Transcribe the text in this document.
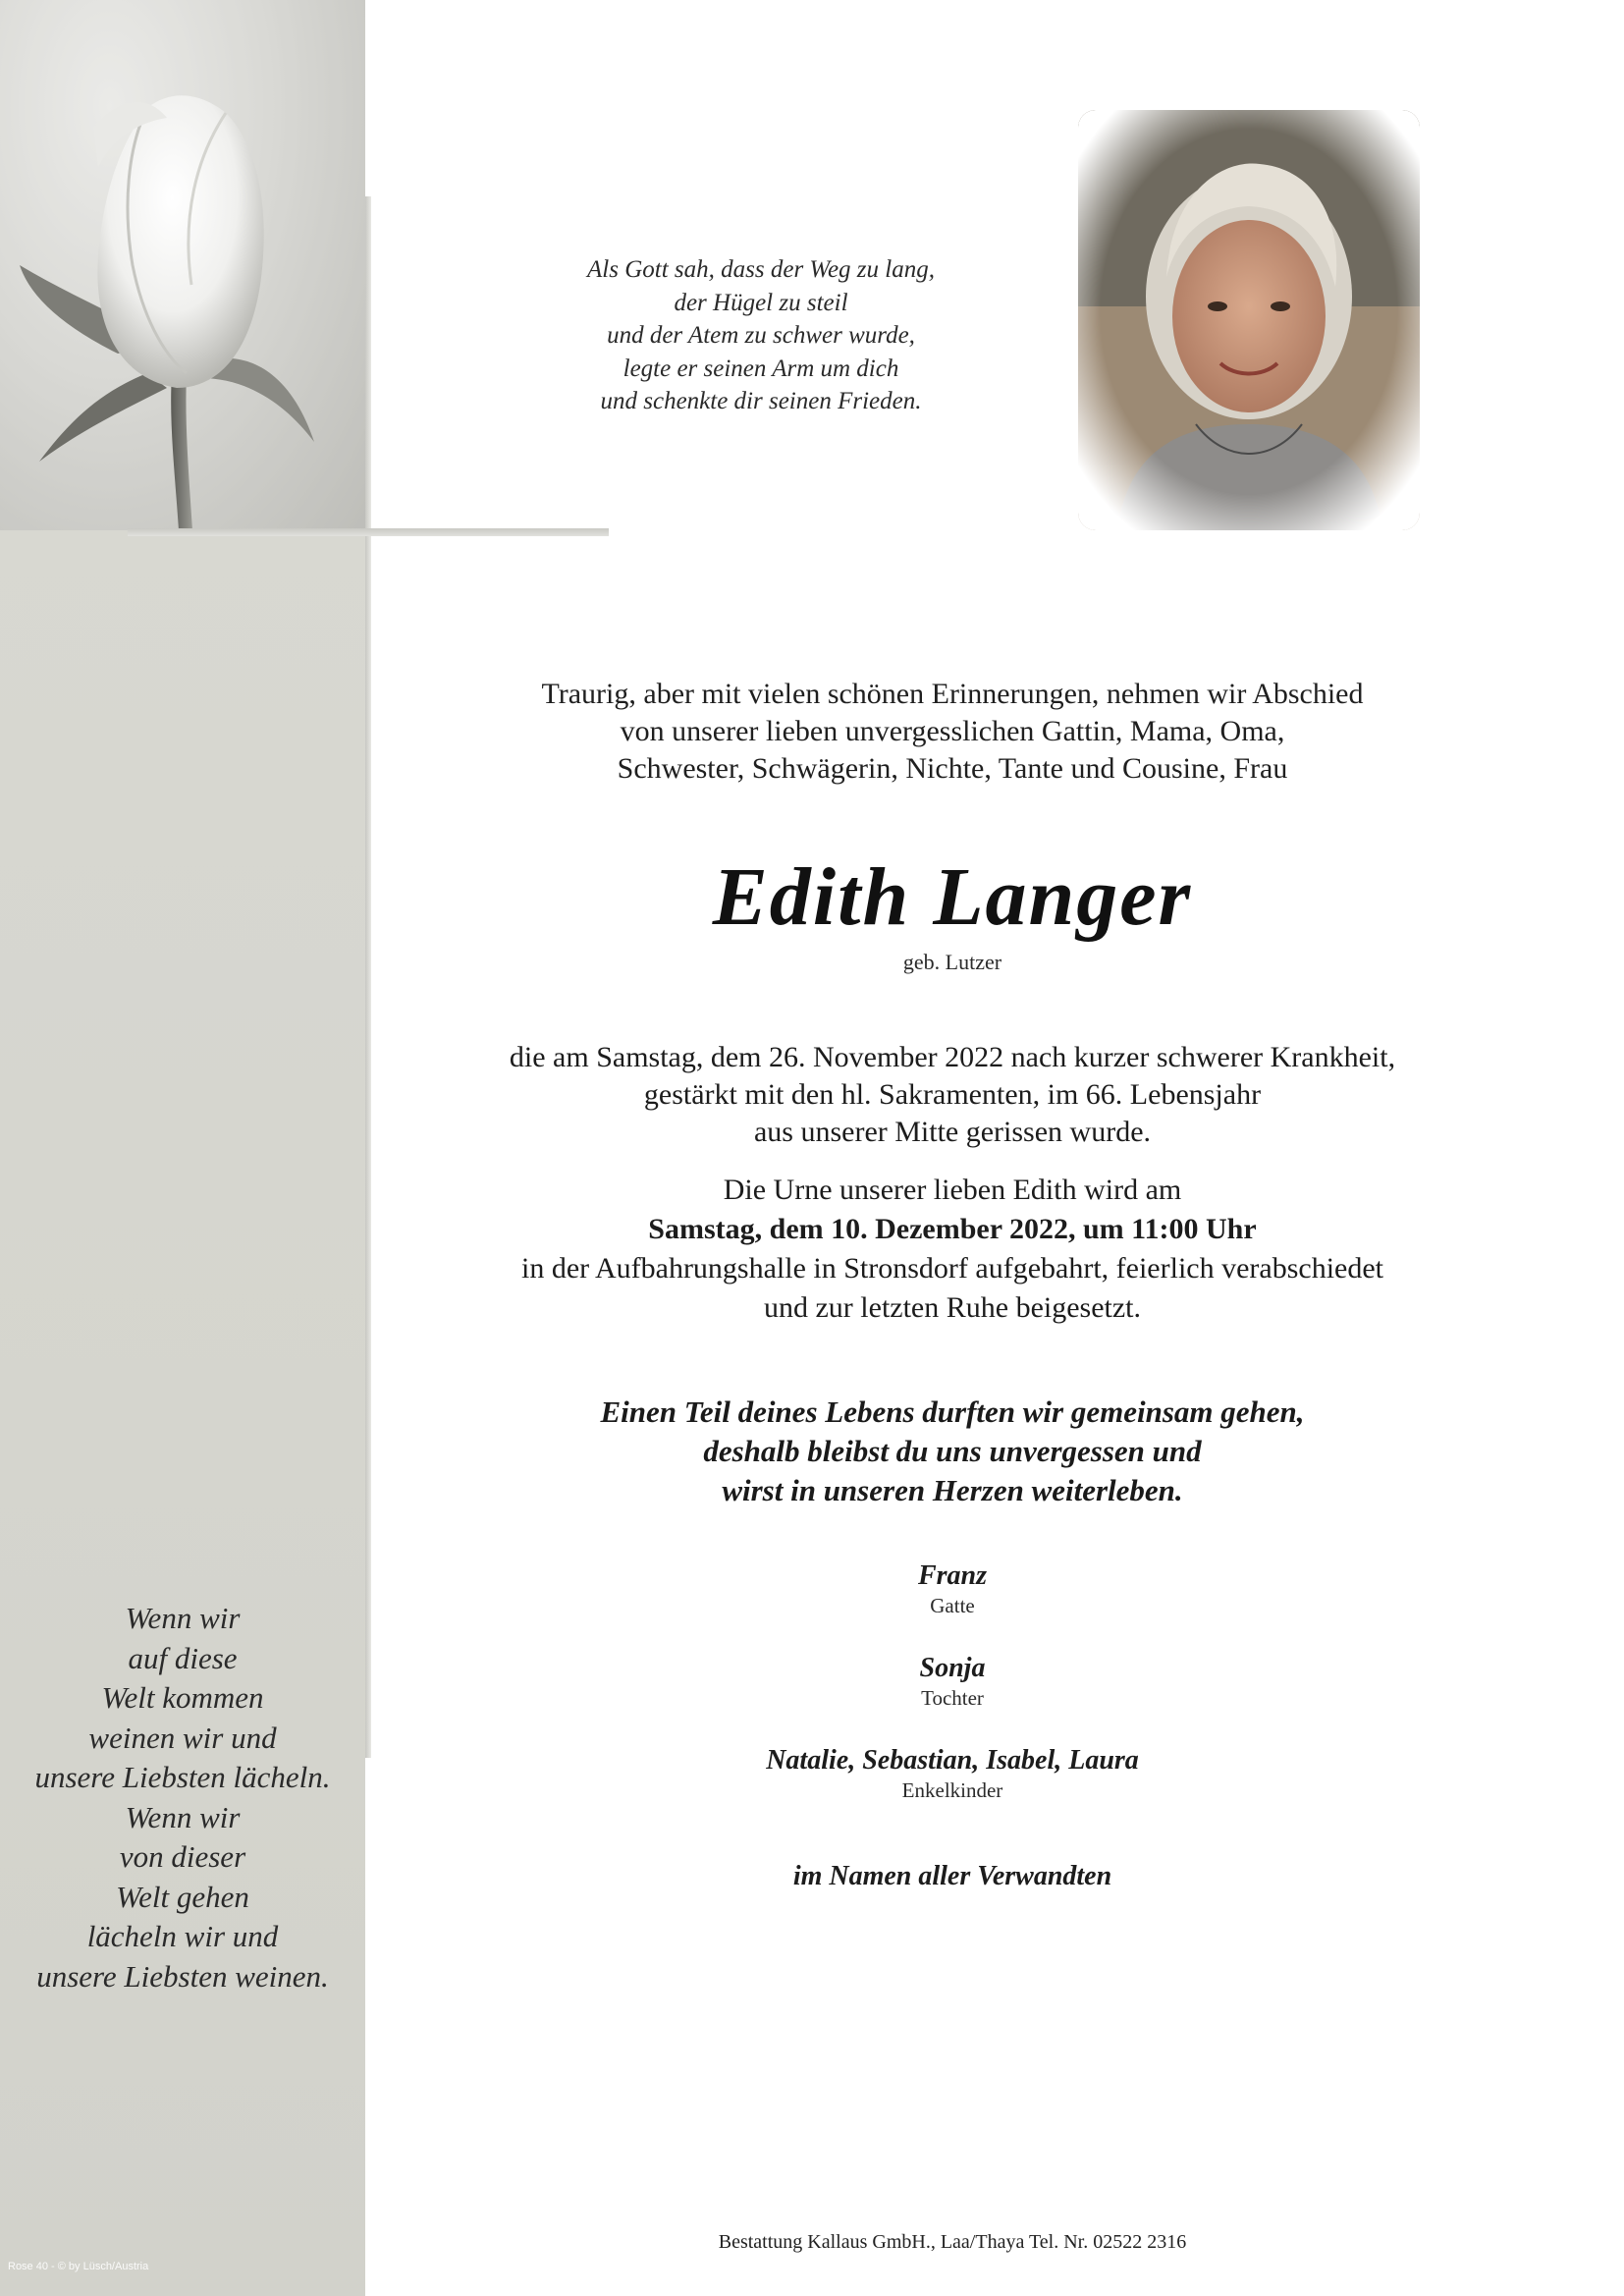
Als Gott sah, dass der Weg zu lang,
der Hügel zu steil
und der Atem zu schwer wurde,
legte er seinen Arm um dich
und schenkte dir seinen Frieden.
Traurig, aber mit vielen schönen Erinnerungen, nehmen wir Abschied
von unserer lieben unvergesslichen Gattin, Mama, Oma,
Schwester, Schwägerin, Nichte, Tante und Cousine, Frau
Edith Langer
geb. Lutzer
die am Samstag, dem 26. November 2022 nach kurzer schwerer Krankheit,
gestärkt mit den hl. Sakramenten, im 66. Lebensjahr
aus unserer Mitte gerissen wurde.
Die Urne unserer lieben Edith wird am
Samstag, dem 10. Dezember 2022, um 11:00 Uhr
in der Aufbahrungshalle in Stronsdorf aufgebahrt, feierlich verabschiedet
und zur letzten Ruhe beigesetzt.
Einen Teil deines Lebens durften wir gemeinsam gehen,
deshalb bleibst du uns unvergessen und
wirst in unseren Herzen weiterleben.
Franz
Gatte
Sonja
Tochter
Natalie, Sebastian, Isabel, Laura
Enkelkinder
im Namen aller Verwandten
Wenn wir
auf diese
Welt kommen
weinen wir und
unsere Liebsten lächeln.
Wenn wir
von dieser
Welt gehen
lächeln wir und
unsere Liebsten weinen.
Bestattung Kallaus GmbH., Laa/Thaya Tel. Nr. 02522 2316
Rose 40 - © by Lüsch/Austria
